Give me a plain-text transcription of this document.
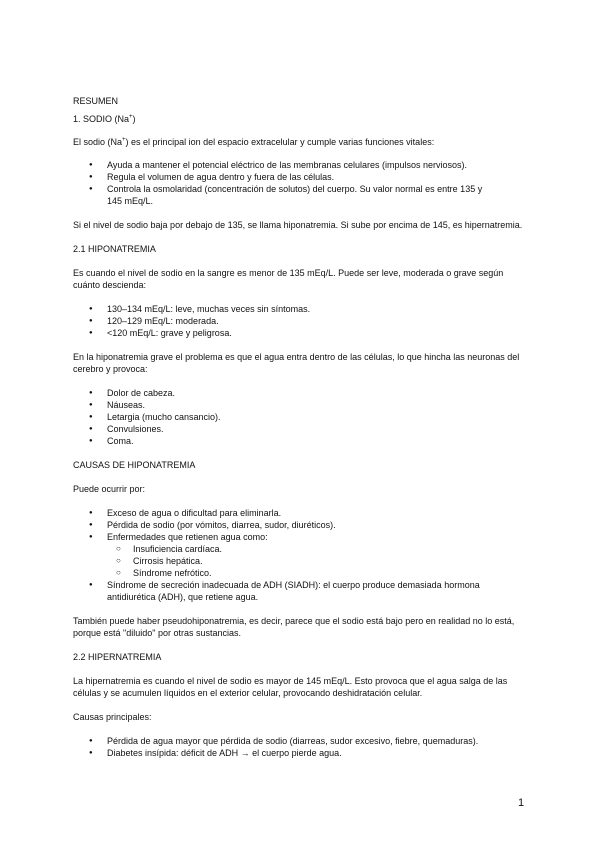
RESUMEN

1. SODIO (Na+)

El sodio (Na+) es el principal ion del espacio extracelular y cumple varias funciones vitales:

● Ayuda a mantener el potencial eléctrico de las membranas celulares (impulsos nerviosos).
● Regula el volumen de agua dentro y fuera de las células.
● Controla la osmolaridad (concentración de solutos) del cuerpo. Su valor normal es entre 135 y 145 mEq/L.

Si el nivel de sodio baja por debajo de 135, se llama hiponatremia. Si sube por encima de 145, es hipernatremia.

2.1 HIPONATREMIA

Es cuando el nivel de sodio en la sangre es menor de 135 mEq/L. Puede ser leve, moderada o grave según cuánto descienda:

● 130–134 mEq/L: leve, muchas veces sin síntomas.
● 120–129 mEq/L: moderada.
● <120 mEq/L: grave y peligrosa.

En la hiponatremia grave el problema es que el agua entra dentro de las células, lo que hincha las neuronas del cerebro y provoca:

● Dolor de cabeza.
● Náuseas.
● Letargia (mucho cansancio).
● Convulsiones.
● Coma.

CAUSAS DE HIPONATREMIA

Puede ocurrir por:

● Exceso de agua o dificultad para eliminarla.
● Pérdida de sodio (por vómitos, diarrea, sudor, diuréticos).
● Enfermedades que retienen agua como:
○ Insuficiencia cardíaca.
○ Cirrosis hepática.
○ Síndrome nefrótico.
● Síndrome de secreción inadecuada de ADH (SIADH): el cuerpo produce demasiada hormona antidiurética (ADH), que retiene agua.

También puede haber pseudohiponatremia, es decir, parece que el sodio está bajo pero en realidad no lo está, porque está "diluido" por otras sustancias.

2.2 HIPERNATREMIA

La hipernatremia es cuando el nivel de sodio es mayor de 145 mEq/L. Esto provoca que el agua salga de las células y se acumulen líquidos en el exterior celular, provocando deshidratación celular.

Causas principales:

● Pérdida de agua mayor que pérdida de sodio (diarreas, sudor excesivo, fiebre, quemaduras).
● Diabetes insípida: déficit de ADH → el cuerpo pierde agua.
1
